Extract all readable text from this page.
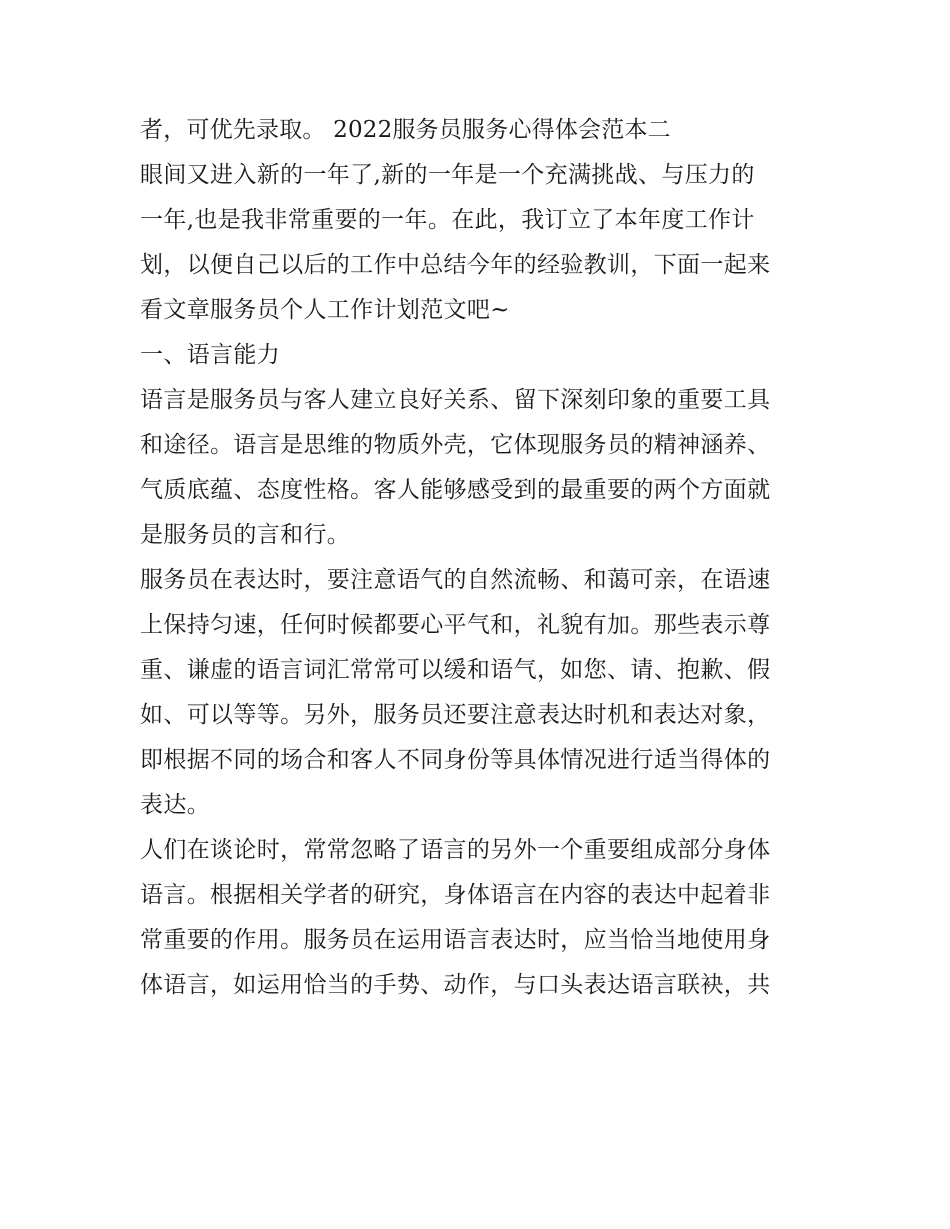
者，可优先录取。 2022服务员服务心得体会范本二
眼间又进入新的一年了,新的一年是一个充满挑战、与压力的
一年,也是我非常重要的一年。在此，我订立了本年度工作计
划，以便自己以后的工作中总结今年的经验教训，下面一起来
看文章服务员个人工作计划范文吧~
一、语言能力
语言是服务员与客人建立良好关系、留下深刻印象的重要工具
和途径。语言是思维的物质外壳，它体现服务员的精神涵养、
气质底蕴、态度性格。客人能够感受到的最重要的两个方面就
是服务员的言和行。
服务员在表达时，要注意语气的自然流畅、和蔼可亲，在语速
上保持匀速，任何时候都要心平气和，礼貌有加。那些表示尊
重、谦虚的语言词汇常常可以缓和语气，如您、请、抱歉、假
如、可以等等。另外，服务员还要注意表达时机和表达对象，
即根据不同的场合和客人不同身份等具体情况进行适当得体的
表达。
人们在谈论时，常常忽略了语言的另外一个重要组成部分身体
语言。根据相关学者的研究，身体语言在内容的表达中起着非
常重要的作用。服务员在运用语言表达时，应当恰当地使用身
体语言，如运用恰当的手势、动作，与口头表达语言联袂，共
